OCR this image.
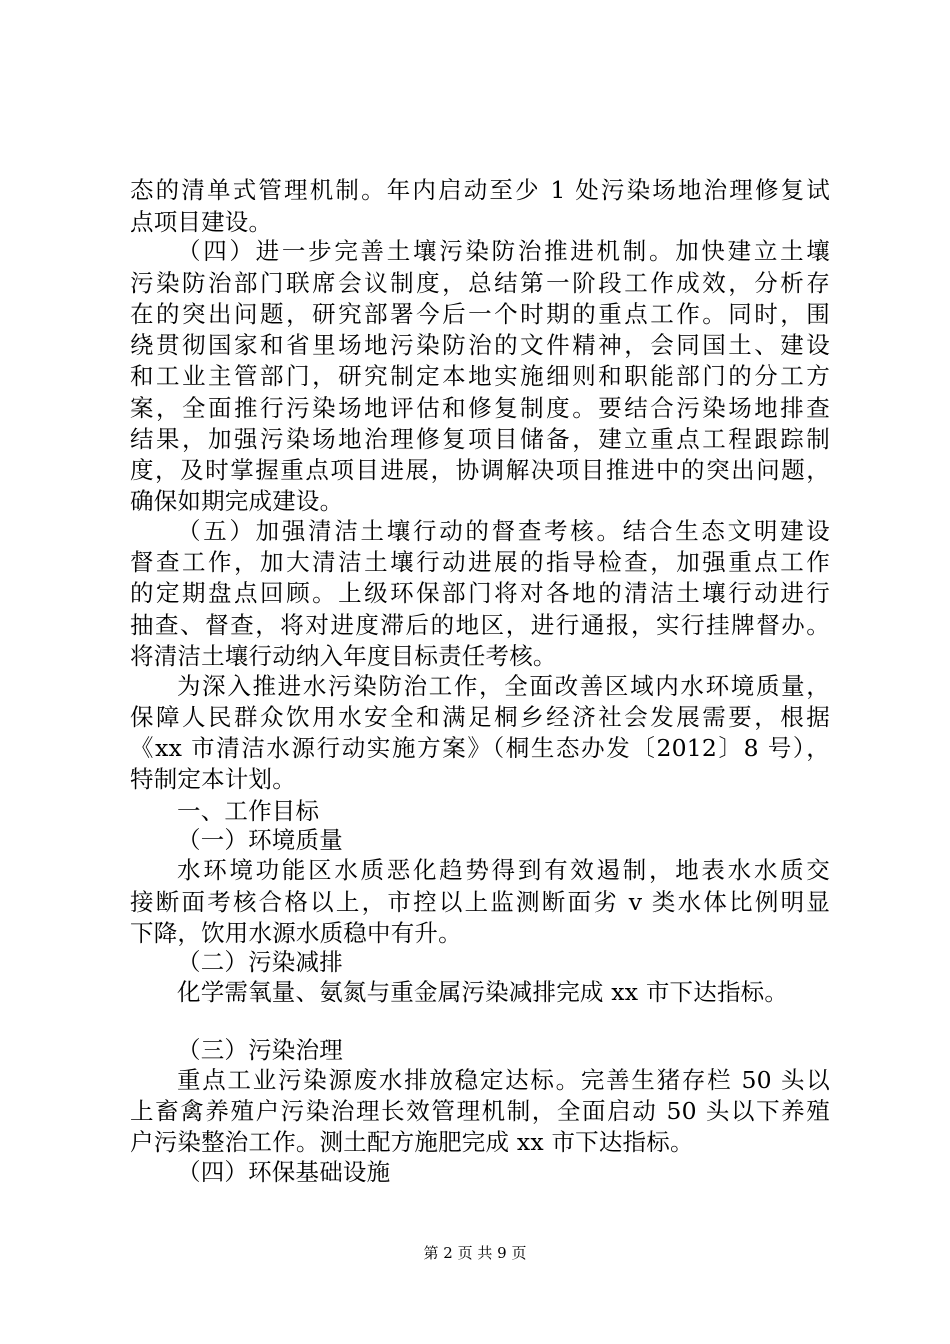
态的清单式管理机制。年内启动至少 1 处污染场地治理修复试
点项目建设。
（四）进一步完善土壤污染防治推进机制。加快建立土壤
污染防治部门联席会议制度，总结第一阶段工作成效，分析存
在的突出问题，研究部署今后一个时期的重点工作。同时，围
绕贯彻国家和省里场地污染防治的文件精神，会同国土、建设
和工业主管部门，研究制定本地实施细则和职能部门的分工方
案，全面推行污染场地评估和修复制度。要结合污染场地排查
结果，加强污染场地治理修复项目储备，建立重点工程跟踪制
度，及时掌握重点项目进展，协调解决项目推进中的突出问题，
确保如期完成建设。
（五）加强清洁土壤行动的督查考核。结合生态文明建设
督查工作，加大清洁土壤行动进展的指导检查，加强重点工作
的定期盘点回顾。上级环保部门将对各地的清洁土壤行动进行
抽查、督查，将对进度滞后的地区，进行通报，实行挂牌督办。
将清洁土壤行动纳入年度目标责任考核。
为深入推进水污染防治工作，全面改善区域内水环境质量，
保障人民群众饮用水安全和满足桐乡经济社会发展需要，根据
《xx 市清洁水源行动实施方案》（桐生态办发〔2012〕8 号），
特制定本计划。
一、工作目标
（一）环境质量
水环境功能区水质恶化趋势得到有效遏制，地表水水质交
接断面考核合格以上，市控以上监测断面劣 v 类水体比例明显
下降，饮用水源水质稳中有升。
（二）污染减排
化学需氧量、氨氮与重金属污染减排完成 xx 市下达指标。
（三）污染治理
重点工业污染源废水排放稳定达标。完善生猪存栏 50 头以
上畜禽养殖户污染治理长效管理机制，全面启动 50 头以下养殖
户污染整治工作。测土配方施肥完成 xx 市下达指标。
（四）环保基础设施
第 2 页 共 9 页
